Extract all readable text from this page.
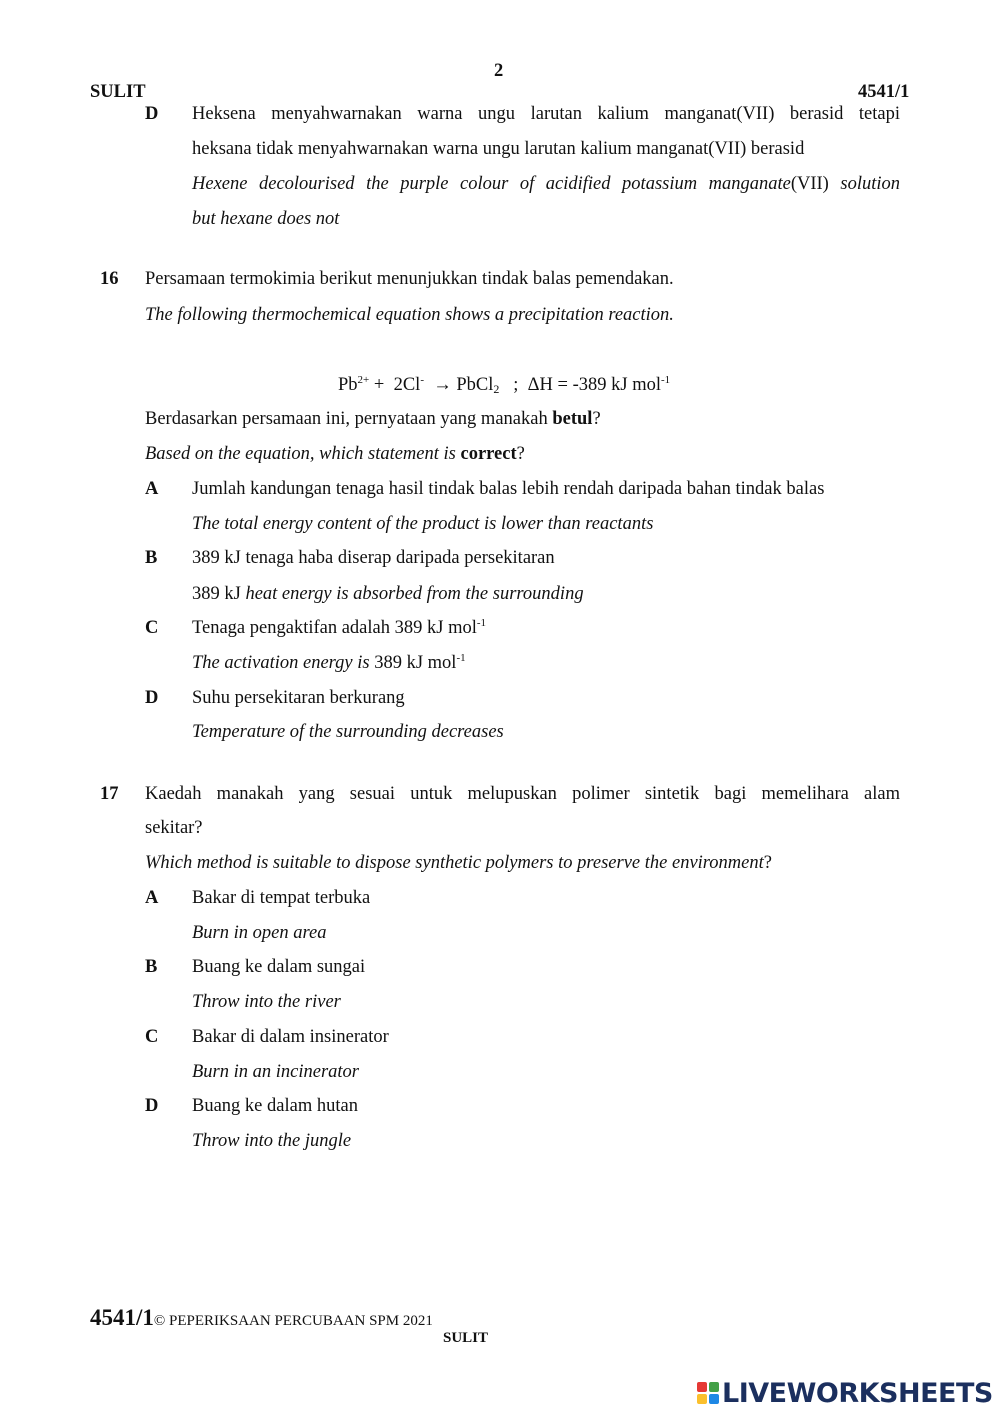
2
SULIT	4541/1
D Heksena menyahwarnakan warna ungu larutan kalium manganat(VII) berasid tetapi
heksana tidak menyahwarnakan warna ungu larutan kalium manganat(VII) berasid
Hexene decolourised the purple colour of acidified potassium manganate(VII) solution
but hexane does not
16 Persamaan termokimia berikut menunjukkan tindak balas pemendakan.
The following thermochemical equation shows a precipitation reaction.
$Pb^{2+} + 2Cl^-$  → PbCl$_2$   ;  ΔH = -389 kJ mol$^{-1}$
Berdasarkan persamaan ini, pernyataan yang manakah betul?
Based on the equation, which statement is correct?
A Jumlah kandungan tenaga hasil tindak balas lebih rendah daripada bahan tindak balas
The total energy content of the product is lower than reactants
B 389 kJ tenaga haba diserap daripada persekitaran
389 kJ heat energy is absorbed from the surrounding
C Tenaga pengaktifan adalah 389 kJ mol$^{-1}$
The activation energy is 389 kJ mol$^{-1}$
D Suhu persekitaran berkurang
Temperature of the surrounding decreases
17 Kaedah manakah yang sesuai untuk melupuskan polimer sintetik bagi memelihara alam
sekitar?
Which method is suitable to dispose synthetic polymers to preserve the environment?
A Bakar di tempat terbuka
Burn in open area
B Buang ke dalam sungai
Throw into the river
C Bakar di dalam insinerator
Burn in an incinerator
D Buang ke dalam hutan
Throw into the jungle
4541/1© PEPERIKSAAN PERCUBAAN SPM 2021
SULIT
LIVEWORKSHEETS
